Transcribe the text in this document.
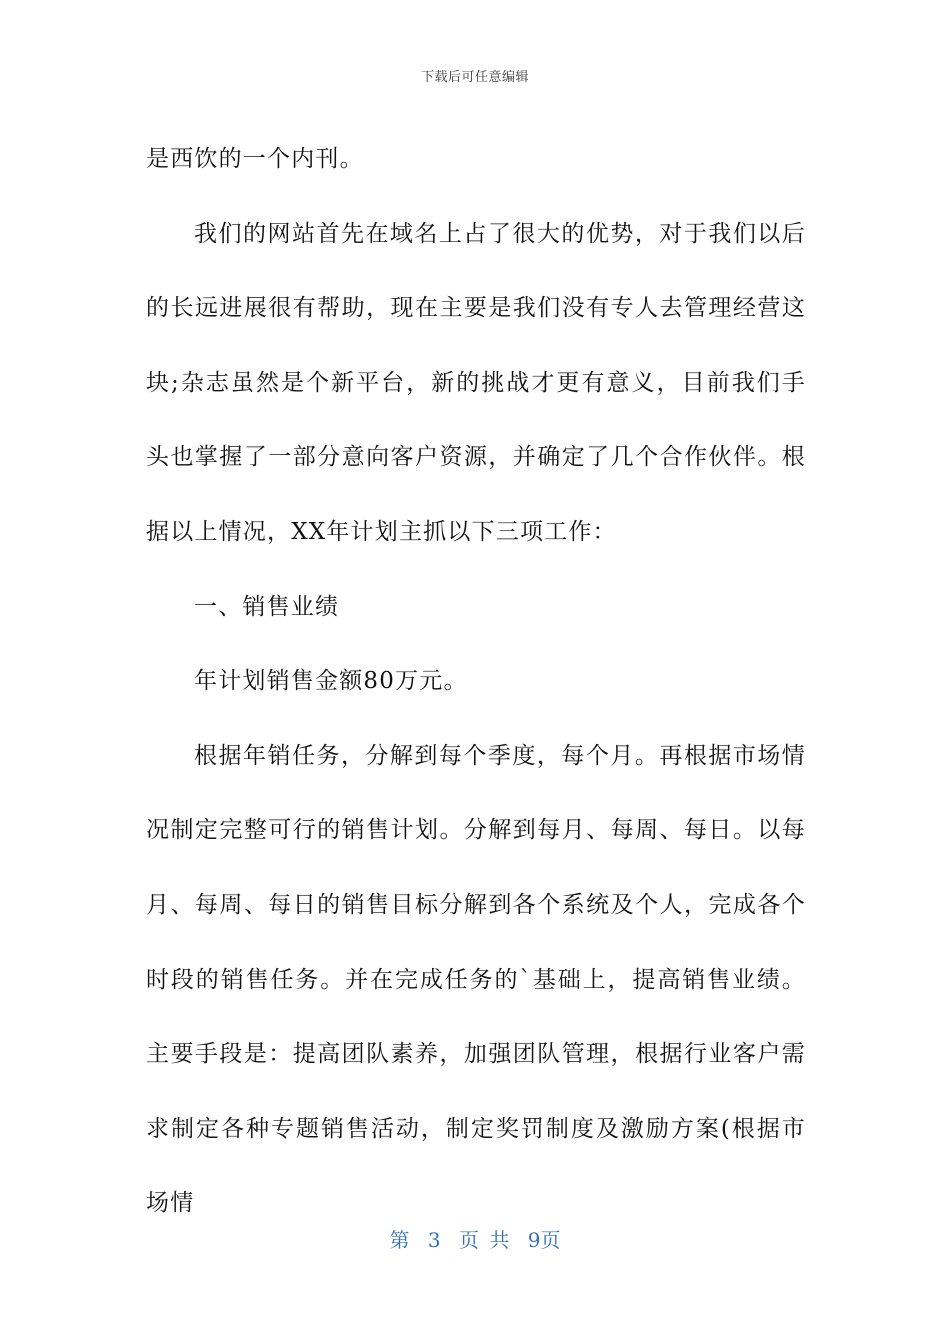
下载后可任意编辑

是西饮的一个内刊。

我们的网站首先在域名上占了很大的优势，对于我们以后的长远进展很有帮助，现在主要是我们没有专人去管理经营这块;杂志虽然是个新平台，新的挑战才更有意义，目前我们手头也掌握了一部分意向客户资源，并确定了几个合作伙伴。根据以上情况，XX年计划主抓以下三项工作：

一、销售业绩

年计划销售金额80万元。

根据年销任务，分解到每个季度，每个月。再根据市场情况制定完整可行的销售计划。分解到每月、每周、每日。以每月、每周、每日的销售目标分解到各个系统及个人，完成各个时段的销售任务。并在完成任务的`基础上，提高销售业绩。主要手段是：提高团队素养，加强团队管理，根据行业客户需求制定各种专题销售活动，制定奖罚制度及激励方案(根据市场情

第 3 页 共 9页
